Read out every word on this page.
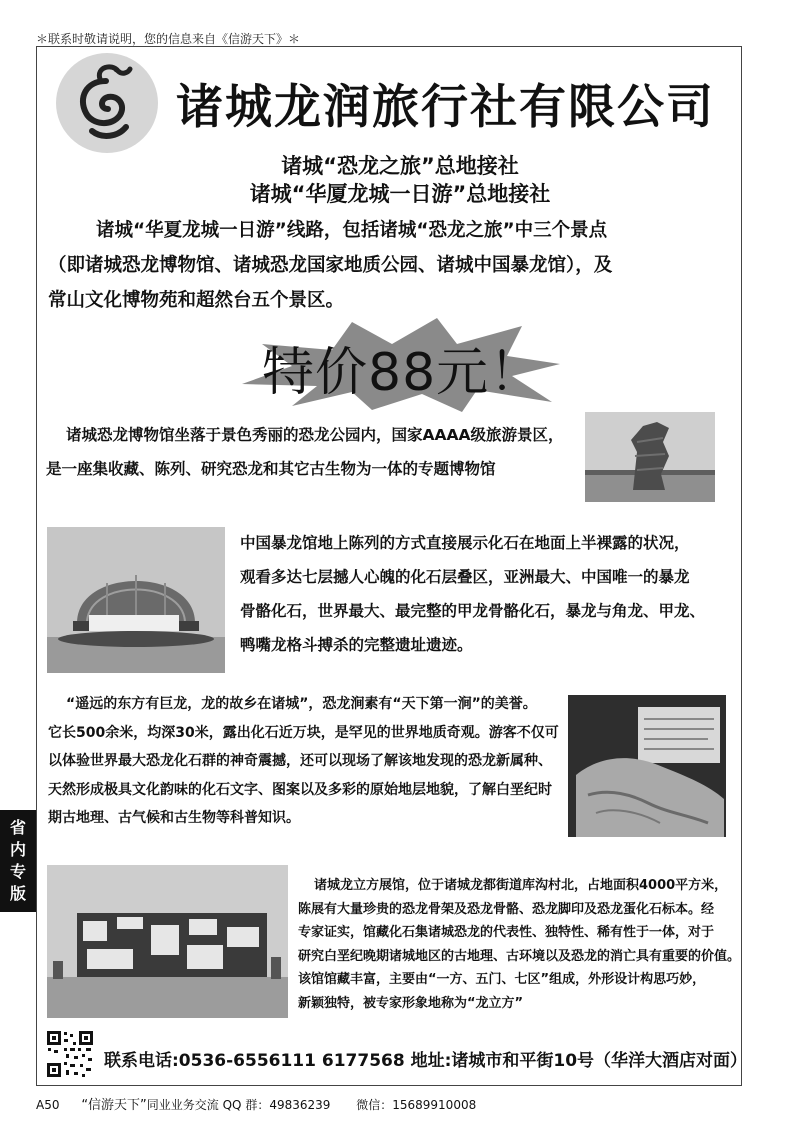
＊联系时敬请说明，您的信息来自《信游天下》＊
诸城龙润旅行社有限公司
诸城“恐龙之旅”总地接社
诸城“华厦龙城一日游”总地接社
诸城“华夏龙城一日游”线路，包括诸城“恐龙之旅”中三个景点
（即诸城恐龙博物馆、诸城恐龙国家地质公园、诸城中国暴龙馆），及
常山文化博物苑和超然台五个景区。
特价88元！
诸城恐龙博物馆坐落于景色秀丽的恐龙公园内，国家AAAA级旅游景区，
是一座集收藏、陈列、研究恐龙和其它古生物为一体的专题博物馆
中国暴龙馆地上陈列的方式直接展示化石在地面上半裸露的状况，
观看多达七层撼人心魄的化石层叠区，亚洲最大、中国唯一的暴龙
骨骼化石，世界最大、最完整的甲龙骨骼化石，暴龙与角龙、甲龙、
鸭嘴龙格斗搏杀的完整遗址遗迹。
“遥远的东方有巨龙，龙的故乡在诸城”，恐龙涧素有“天下第一涧”的美誉。
它长500余米，均深30米，露出化石近万块，是罕见的世界地质奇观。游客不仅可
以体验世界最大恐龙化石群的神奇震撼，还可以现场了解该地发现的恐龙新属种、
天然形成极具文化韵味的化石文字、图案以及多彩的原始地层地貌，了解白垩纪时
期古地理、古气候和古生物等科普知识。
省
内
专
版	诸城龙立方展馆，位于诸城龙都街道库沟村北，占地面积4000平方米，
陈展有大量珍贵的恐龙骨架及恐龙骨骼、恐龙脚印及恐龙蛋化石标本。经
专家证实，馆藏化石集诸城恐龙的代表性、独特性、稀有性于一体，对于
研究白垩纪晚期诸城地区的古地理、古环境以及恐龙的消亡具有重要的价值。
该馆馆藏丰富，主要由“一方、五门、七区”组成，外形设计构思巧妙，
新颖独特，被专家形象地称为“龙立方”
联系电话:0536-6556111 6177568 地址:诸城市和平街10号（华洋大酒店对面）
A50 “信游天下”同业业务交流 QQ 群：49836239 微信：15689910008
